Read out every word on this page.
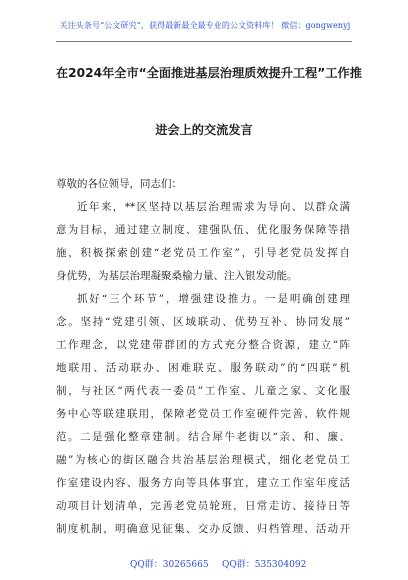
关注头条号“公文研究”，获得最新最全最专业的公文资料库！ 微信：gongwenyj
在2024年全市“全面推进基层治理质效提升工程”工作推
进会上的交流发言
尊敬的各位领导，同志们：
近年来，**区坚持以基层治理需求为导向、以群众满
意为目标，通过建立制度、建强队伍、优化服务保障等措
施，积极探索创建“老党员工作室”，引导老党员发挥自
身优势，为基层治理凝聚桑榆力量、注入银发动能。
抓好“三个环节”，增强建设推力。一是明确创建理
念。坚持“党建引领、区域联动、优势互补、协同发展”
工作理念，以党建带群团的方式充分整合资源，建立“阵
地联用、活动联办、困难联克、服务联动”的“四联”机
制，与社区“两代表一委员”工作室、儿童之家、文化服
务中心等联建联用，保障老党员工作室硬件完善、软件规
范。二是强化整章建制。结合犀牛老街以“亲、和、廉、
融”为核心的街区融合共治基层治理模式，细化老党员工
作室建设内容、服务方向等具体事宜，建立工作室年度活
动项目计划清单，完善老党员轮班，日常走访、接待日等
制度机制，明确意见征集、交办反馈、归档管理、活动开
QQ群：30265665 QQ群：535304092
